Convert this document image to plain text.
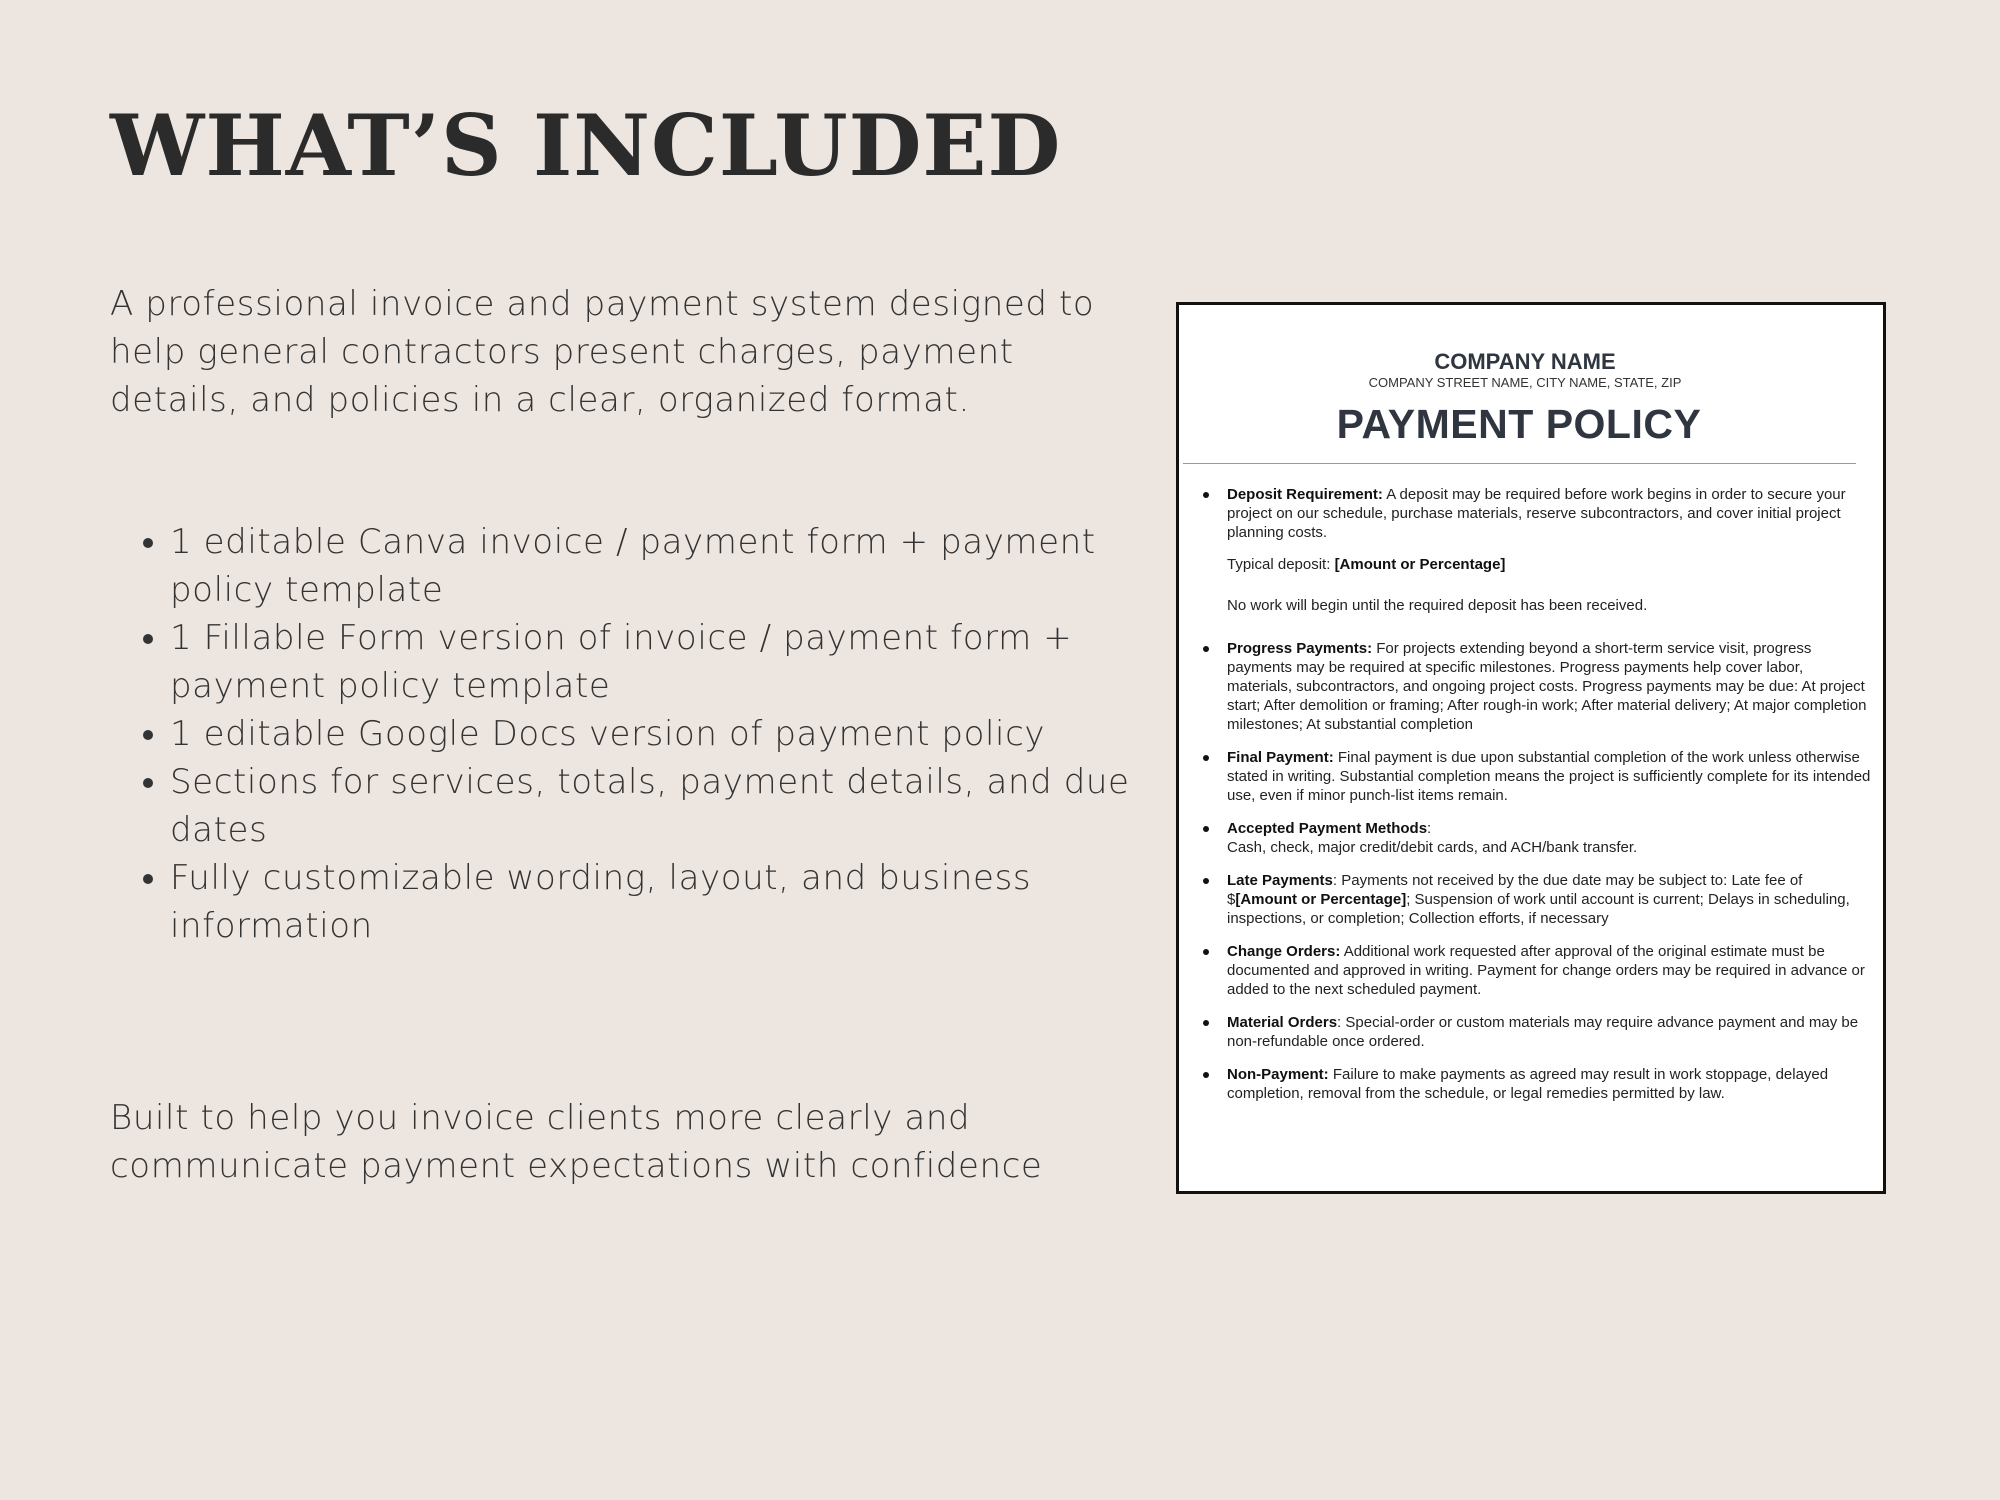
WHAT’S INCLUDED

A professional invoice and payment system designed to help general contractors present charges, payment details, and policies in a clear, organized format.

• 1 editable Canva invoice / payment form + payment policy template
• 1 Fillable Form version of invoice / payment form + payment policy template
• 1 editable Google Docs version of payment policy
• Sections for services, totals, payment details, and due dates
• Fully customizable wording, layout, and business information

Built to help you invoice clients more clearly and
communicate payment expectations with confidence

COMPANY NAME
COMPANY STREET NAME, CITY NAME, STATE, ZIP
PAYMENT POLICY
Deposit Requirement: A deposit may be required before work begins in order to secure your project on our schedule, purchase materials, reserve subcontractors, and cover initial project planning costs.
Typical deposit: [Amount or Percentage]
No work will begin until the required deposit has been received.
Progress Payments: For projects extending beyond a short-term service visit, progress payments may be required at specific milestones. Progress payments help cover labor, materials, subcontractors, and ongoing project costs. Progress payments may be due: At project start; After demolition or framing; After rough-in work; After material delivery; At major completion milestones; At substantial completion
Final Payment: Final payment is due upon substantial completion of the work unless otherwise stated in writing. Substantial completion means the project is sufficiently complete for its intended use, even if minor punch-list items remain.
Accepted Payment Methods:
Cash, check, major credit/debit cards, and ACH/bank transfer.
Late Payments: Payments not received by the due date may be subject to: Late fee of $[Amount or Percentage]; Suspension of work until account is current; Delays in scheduling, inspections, or completion; Collection efforts, if necessary
Change Orders: Additional work requested after approval of the original estimate must be documented and approved in writing. Payment for change orders may be required in advance or added to the next scheduled payment.
Material Orders: Special-order or custom materials may require advance payment and may be non-refundable once ordered.
Non-Payment: Failure to make payments as agreed may result in work stoppage, delayed completion, removal from the schedule, or legal remedies permitted by law.
